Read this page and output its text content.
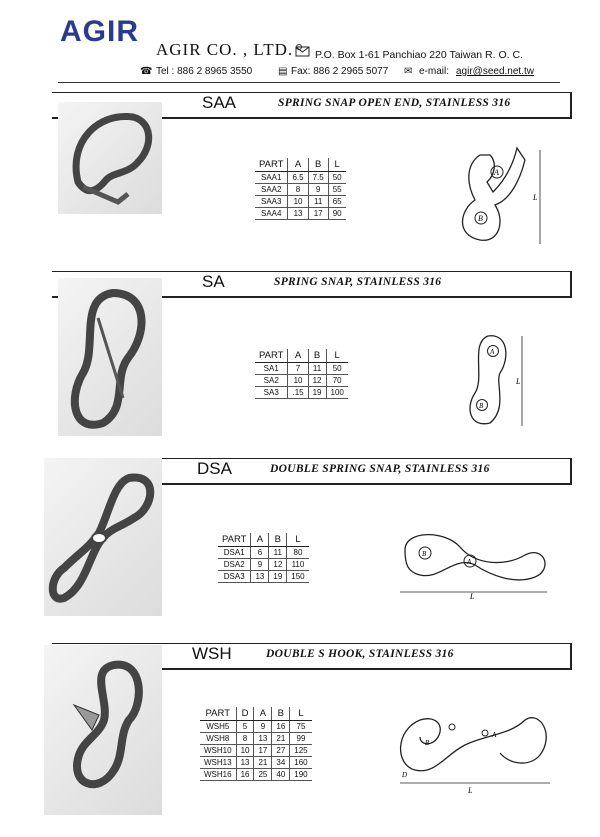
AGIR
AGIR CO. , LTD. P.O. Box 1-61 Panchiao 220 Taiwan R. O. C.
☎ Tel : 886 2 8965 3550	▤ Fax: 886 2 2965 5077 ✉ e-mail: agir@seed.net.tw
SAA	SPRING SNAP OPEN END, STAINLESS 316
PART	A	B	L
SAA1	6.5	7.5	50
SAA2	8	9	55
SAA3	10	11	65
SAA4	13	17	90
A
B
L
SA	SPRING SNAP, STAINLESS 316
PART	A	B	L
SA1	7	11	50
SA2	10	12	70
SA3	.15	19	100
A
B
L
DSA	DOUBLE SPRING SNAP, STAINLESS 316
PART	A	B	L
DSA1	6	11	80
DSA2	9	12	110
DSA3	13	19	150
B
A
L
WSH	DOUBLE S HOOK, STAINLESS 316
PART	D	A	B	L
WSH5	5	9	16	75
WSH8	8	13	21	99
WSH10	10	17	27	125
WSH13	13	21	34	160
WSH16	16	25	40	190
B
A
L
D
